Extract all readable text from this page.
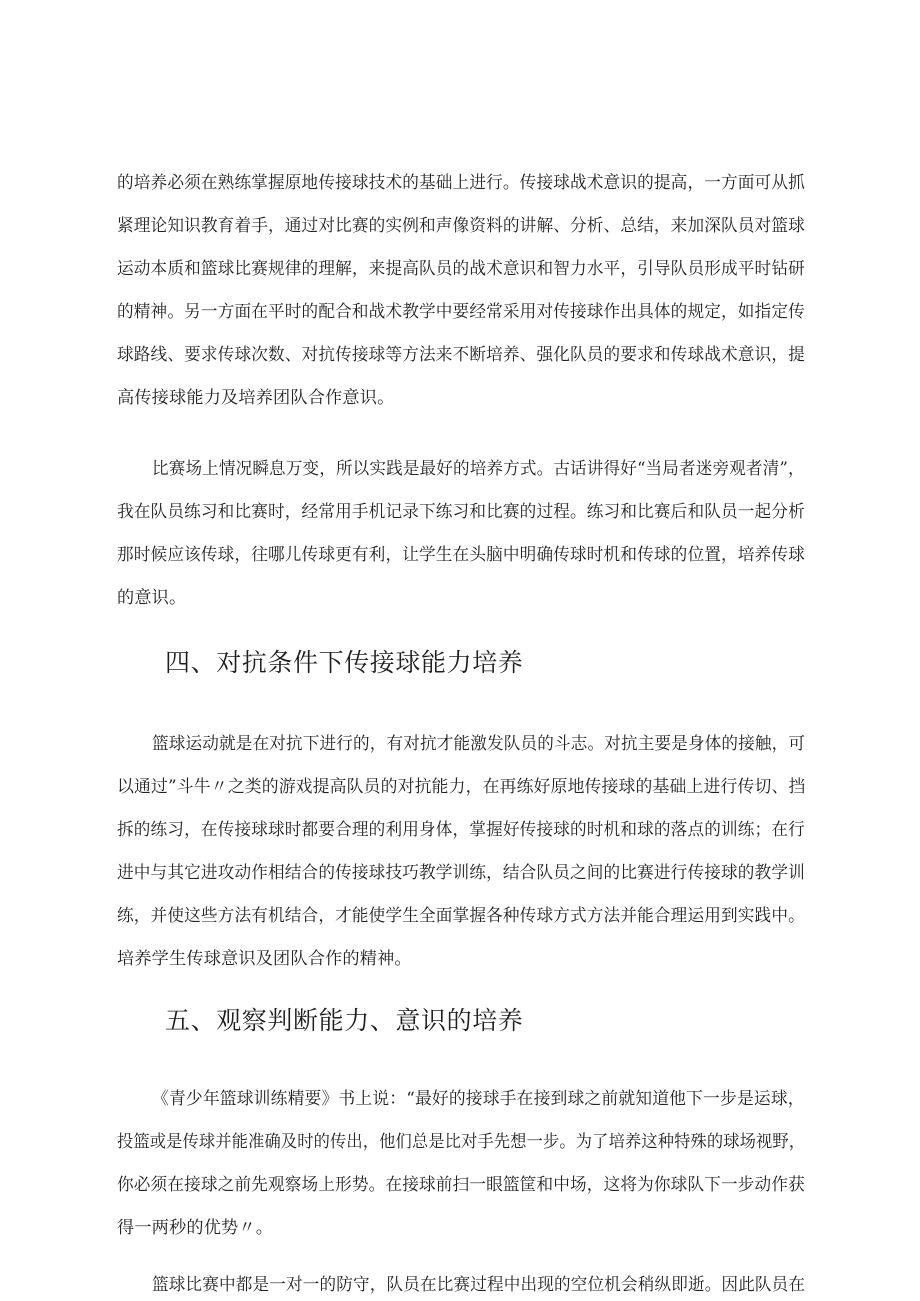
的培养必须在熟练掌握原地传接球技术的基础上进行。传接球战术意识的提高，一方面可从抓
紧理论知识教育着手，通过对比赛的实例和声像资料的讲解、分析、总结，来加深队员对篮球
运动本质和篮球比赛规律的理解，来提高队员的战术意识和智力水平，引导队员形成平时钻研
的精神。另一方面在平时的配合和战术教学中要经常采用对传接球作出具体的规定，如指定传
球路线、要求传球次数、对抗传接球等方法来不断培养、强化队员的要求和传球战术意识，提
高传接球能力及培养团队合作意识。
比赛场上情况瞬息万变，所以实践是最好的培养方式。古话讲得好“当局者迷旁观者清”，
我在队员练习和比赛时，经常用手机记录下练习和比赛的过程。练习和比赛后和队员一起分析
那时候应该传球，往哪儿传球更有利，让学生在头脑中明确传球时机和传球的位置，培养传球
的意识。
四、对抗条件下传接球能力培养
篮球运动就是在对抗下进行的，有对抗才能激发队员的斗志。对抗主要是身体的接触，可
以通过”斗牛〃之类的游戏提高队员的对抗能力，在再练好原地传接球的基础上进行传切、挡
拆的练习，在传接球球时都要合理的利用身体，掌握好传接球的时机和球的落点的训练；在行
进中与其它进攻动作相结合的传接球技巧教学训练，结合队员之间的比赛进行传接球的教学训
练，并使这些方法有机结合，才能使学生全面掌握各种传球方式方法并能合理运用到实践中。
培养学生传球意识及团队合作的精神。
五、观察判断能力、意识的培养
《青少年篮球训练精要》书上说：“最好的接球手在接到球之前就知道他下一步是运球，
投篮或是传球并能准确及时的传出，他们总是比对手先想一步。为了培养这种特殊的球场视野，
你必须在接球之前先观察场上形势。在接球前扫一眼篮筐和中场，这将为你球队下一步动作获
得一两秒的优势〃。
篮球比赛中都是一对一的防守，队员在比赛过程中出现的空位机会稍纵即逝。因此队员在
